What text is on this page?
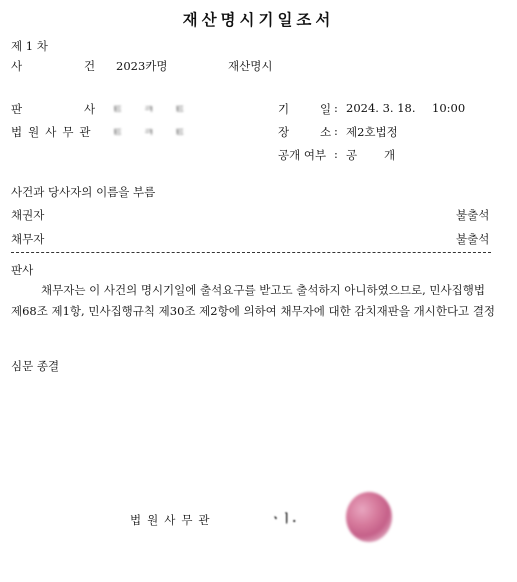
재산명시기일조서
제 1 차
사	건 2023카명	재산명시
판	사 ㅌㅋㅌ	기	일 : 2024. 3. 18. 10:00
법원사무관 ㅌㅋㅌ	장	소 : 제2호법정
공개 여부 : 공 개
사건과 당사자의 이름을 부름
채권자	불출석
채무자	불출석
판사
채무자는 이 사건의 명시기일에 출석요구를 받고도 출석하지 아니하였으므로, 민사집행법 제68조 제1항, 민사집행규칙 제30조 제2항에 의하여 채무자에 대한 감치재판을 개시한다고 결정
심문 종결
법원사무관	ㆍㅣ.
